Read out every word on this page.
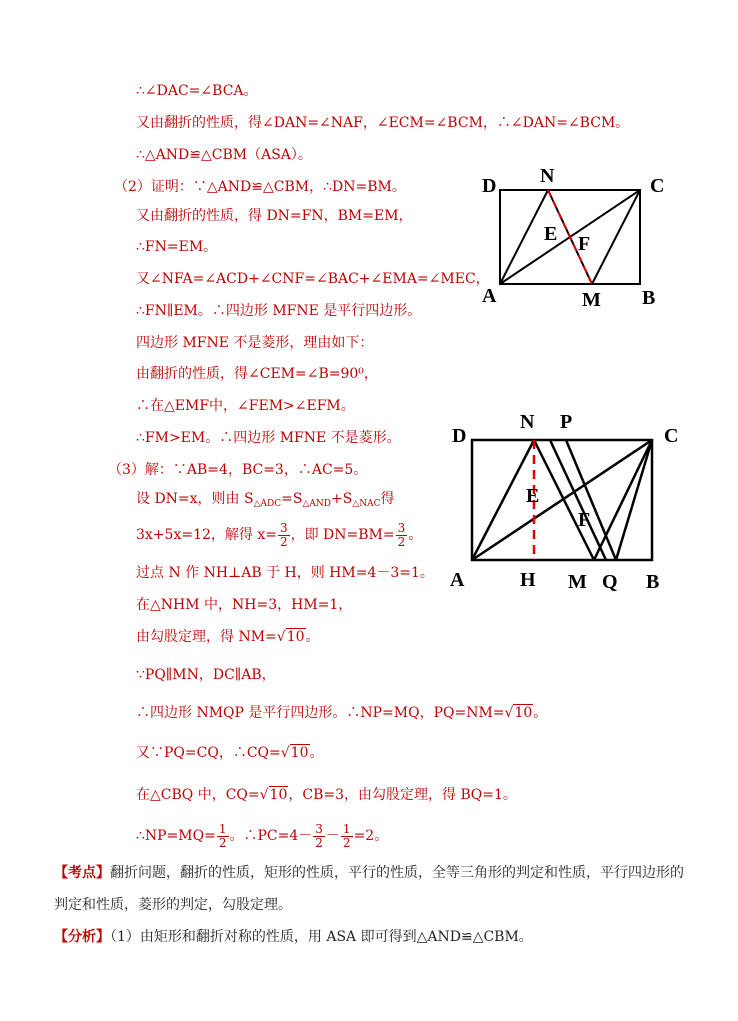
∴∠DAC=∠BCA。
又由翻折的性质，得∠DAN=∠NAF，∠ECM=∠BCM，∴∠DAN=∠BCM。
∴△AND≌△CBM（ASA）。
（2）证明：∵△AND≌△CBM，∴DN=BM。
又由翻折的性质，得 DN=FN，BM=EM，
∴FN=EM。
又∠NFA=∠ACD+∠CNF=∠BAC+∠EMA=∠MEC，
∴FN∥EM。∴四边形 MFNE 是平行四边形。
四边形 MFNE 不是菱形，理由如下：
由翻折的性质，得∠CEM=∠B=90⁰，
∴在△EMF中，∠FEM>∠EFM。
∴FM>EM。∴四边形 MFNE 不是菱形。
（3）解：∵AB=4，BC=3，∴AC=5。
设 DN=x，则由 $S_{\triangle ADC}=S_{\triangle AND}+S_{\triangle NAC}$得
3x+5x=12，解得 $x= \frac{3}{2}$ ，即 $DN=BM= \frac{3}{2}$ 。
过点 N 作 NH⊥AB 于 H，则 HM=4－3=1。
在△NHM 中，NH=3，HM=1，
由勾股定理，得 NM=√10。
∵PQ∥MN，DC∥AB，
∴四边形 NMQP 是平行四边形。∴NP=MQ，PQ=NM=√10。
又∵PQ=CQ，∴CQ=√10。
在△CBQ 中，CQ=√10，CB=3，由勾股定理，得 BQ=1。
∴NP=MQ= $\frac{1}{2}$ 。∴PC=4－ $\frac{3}{2} - \frac{1}{2} =2$。
【考点】翻折问题，翻折的性质，矩形的性质，平行的性质，全等三角形的判定和性质，平行四边形的
判定和性质，菱形的判定，勾股定理。
【分析】（1）由矩形和翻折对称的性质，用 ASA 即可得到△AND≌△CBM。
D N	C
E F
A	M B
D
N P
C
E
F
A	H M Q B
